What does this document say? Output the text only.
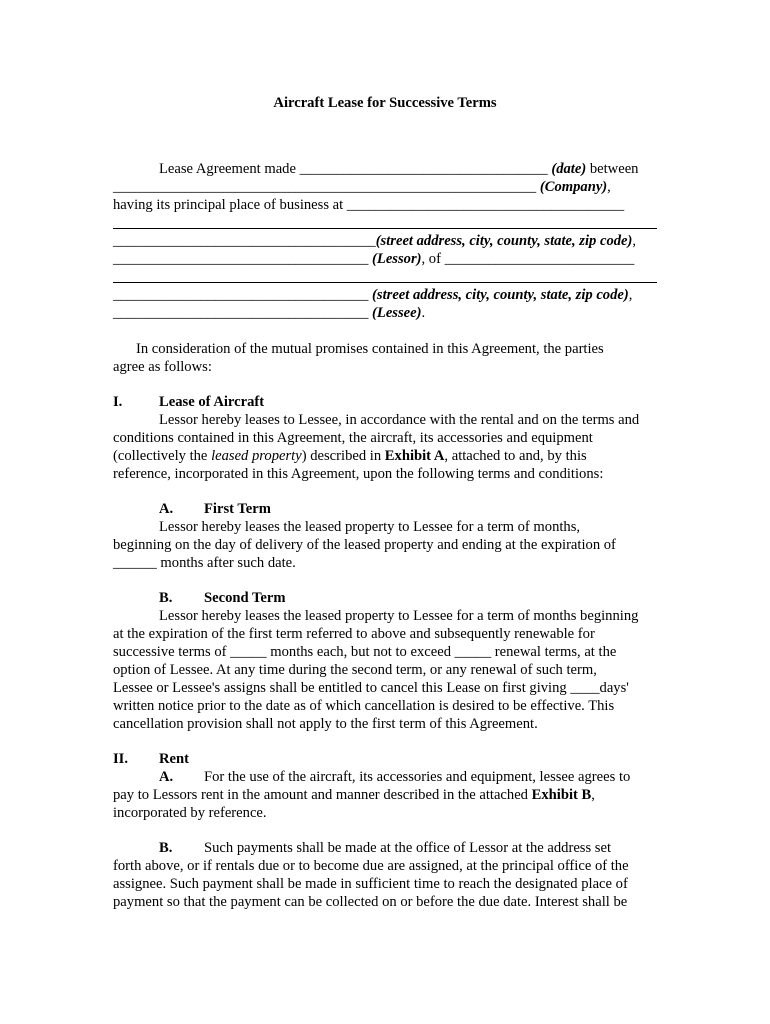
Aircraft Lease for Successive Terms
Lease Agreement made __________________________________ (date) between
__________________________________________________________ (Company),
having its principal place of business at ______________________________________
____________________________________(street address, city, county, state, zip code),
___________________________________ (Lessor), of __________________________
___________________________________ (street address, city, county, state, zip code),
___________________________________ (Lessee).
In consideration of the mutual promises contained in this Agreement, the parties
agree as follows:
I.	Lease of Aircraft
Lessor hereby leases to Lessee, in accordance with the rental and on the terms and
conditions contained in this Agreement, the aircraft, its accessories and equipment
(collectively the leased property) described in Exhibit A, attached to and, by this
reference, incorporated in this Agreement, upon the following terms and conditions:
A. First Term
Lessor hereby leases the leased property to Lessee for a term of months,
beginning on the day of delivery of the leased property and ending at the expiration of
______ months after such date.
B. Second Term
Lessor hereby leases the leased property to Lessee for a term of months beginning
at the expiration of the first term referred to above and subsequently renewable for
successive terms of _____ months each, but not to exceed _____ renewal terms, at the
option of Lessee. At any time during the second term, or any renewal of such term,
Lessee or Lessee's assigns shall be entitled to cancel this Lease on first giving ____days'
written notice prior to the date as of which cancellation is desired to be effective. This
cancellation provision shall not apply to the first term of this Agreement.
II. Rent
A. For the use of the aircraft, its accessories and equipment, lessee agrees to
pay to Lessors rent in the amount and manner described in the attached Exhibit B,
incorporated by reference.
B. Such payments shall be made at the office of Lessor at the address set
forth above, or if rentals due or to become due are assigned, at the principal office of the
assignee. Such payment shall be made in sufficient time to reach the designated place of
payment so that the payment can be collected on or before the due date. Interest shall be
